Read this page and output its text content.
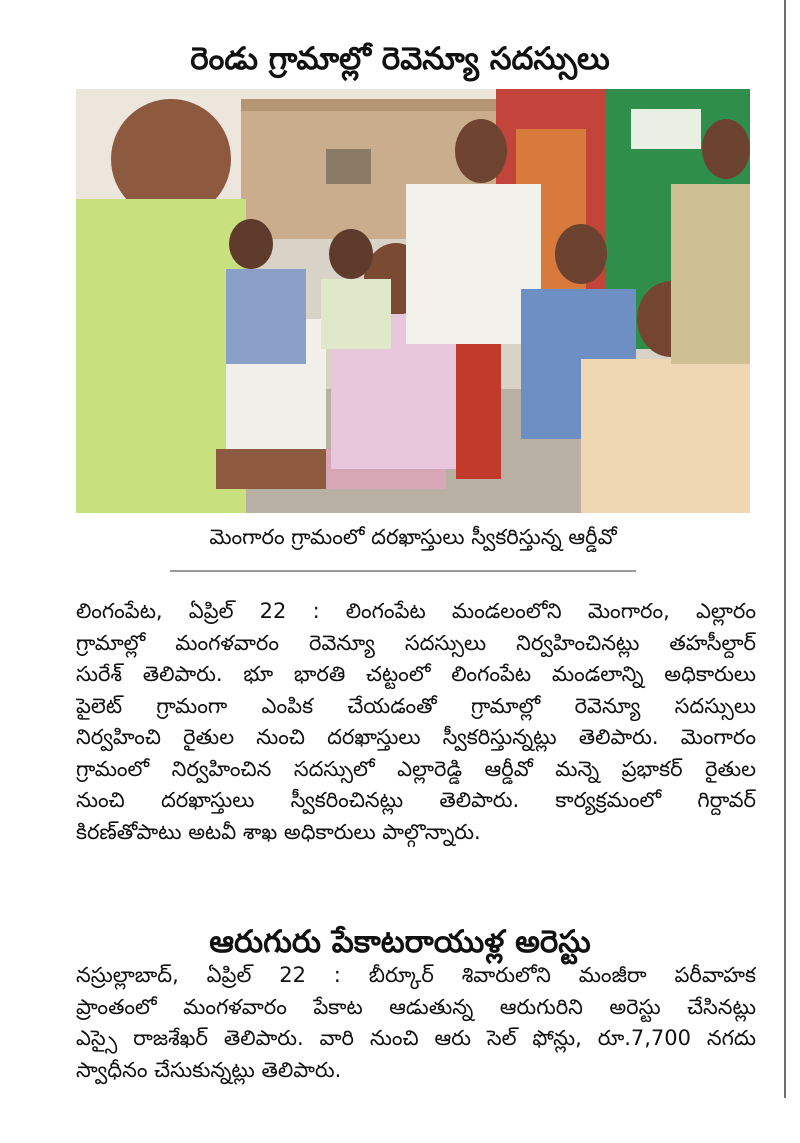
రెండు గ్రామాల్లో రెవెన్యూ సదస్సులు
మెంగారం గ్రామంలో దరఖాస్తులు స్వీకరిస్తున్న ఆర్డీవో
లింగంపేట, ఏప్రిల్ 22 : లింగంపేట మండలంలోని మెంగారం, ఎల్లారం
గ్రామాల్లో మంగళవారం రెవెన్యూ సదస్సులు నిర్వహించినట్లు తహసీల్దార్
సురేశ్ తెలిపారు. భూ భారతి చట్టంలో లింగంపేట మండలాన్ని అధికారులు
పైలెట్ గ్రామంగా ఎంపిక చేయడంతో గ్రామాల్లో రెవెన్యూ సదస్సులు
నిర్వహించి రైతుల నుంచి దరఖాస్తులు స్వీకరిస్తున్నట్లు తెలిపారు. మెంగారం
గ్రామంలో నిర్వహించిన సదస్సులో ఎల్లారెడ్డి ఆర్డీవో మన్నె ప్రభాకర్ రైతుల
నుంచి దరఖాస్తులు స్వీకరించినట్లు తెలిపారు. కార్యక్రమంలో గిర్దావర్
కిరణ్‌తోపాటు అటవీ శాఖ అధికారులు పాల్గొన్నారు.
ఆరుగురు పేకాటరాయుళ్ల అరెస్టు
నస్రుల్లాబాద్, ఏప్రిల్ 22 : బీర్కూర్ శివారులోని మంజీరా పరీవాహక
ప్రాంతంలో మంగళవారం పేకాట ఆడుతున్న ఆరుగురిని అరెస్టు చేసినట్లు
ఎస్సై రాజశేఖర్ తెలిపారు. వారి నుంచి ఆరు సెల్ ఫోన్లు, రూ.7,700 నగదు
స్వాధీనం చేసుకున్నట్లు తెలిపారు.
